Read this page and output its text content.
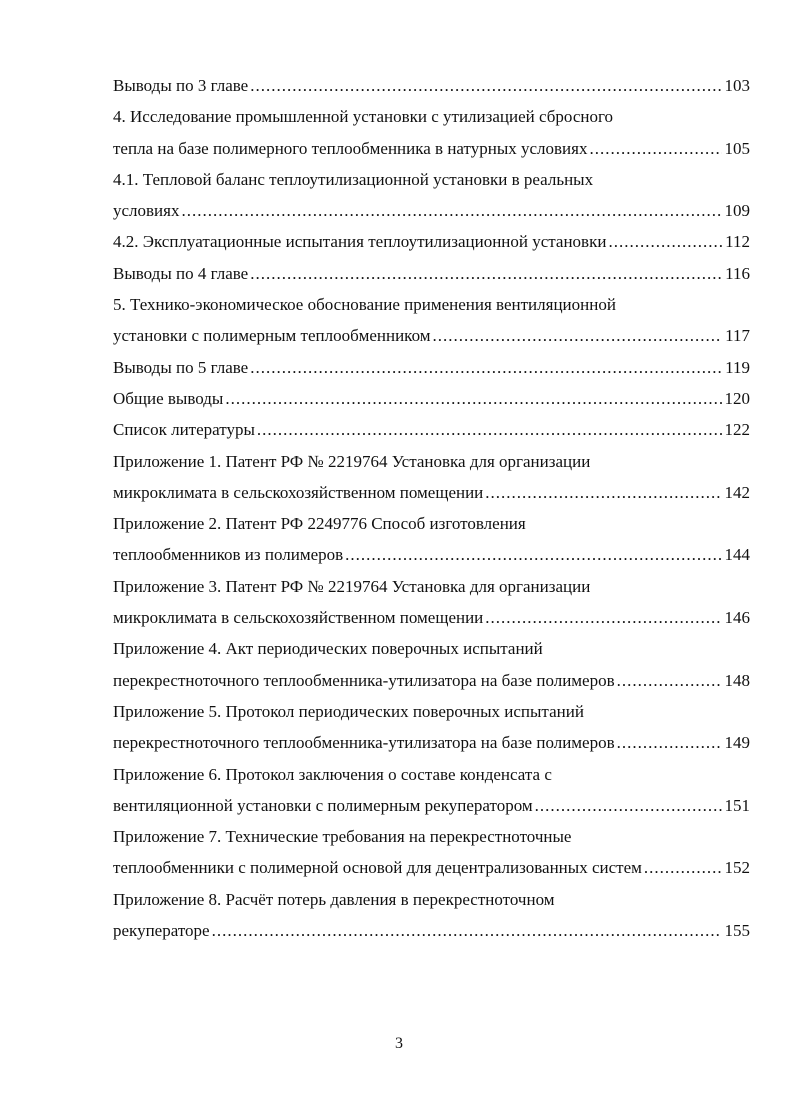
Выводы по 3 главе .....	103
4. Исследование промышленной установки с утилизацией сбросного
тепла на базе полимерного теплообменника в натурных условиях .....	105
4.1. Тепловой баланс теплоутилизационной установки в реальных
условиях .....	109
4.2. Эксплуатационные испытания теплоутилизационной установки .....	112
Выводы по 4 главе .....	116
5. Технико-экономическое обоснование применения вентиляционной
установки с полимерным теплообменником .....	117
Выводы по 5 главе .....	119
Общие выводы .....	120
Список литературы .....	122
Приложение 1. Патент РФ № 2219764 Установка для организации
микроклимата в сельскохозяйственном помещении .....	142
Приложение 2. Патент РФ 2249776 Способ изготовления
теплообменников из полимеров .....	144
Приложение 3. Патент РФ № 2219764 Установка для организации
микроклимата в сельскохозяйственном помещении .....	146
Приложение 4. Акт периодических поверочных испытаний
перекрестноточного теплообменника-утилизатора на базе полимеров .....	148
Приложение 5. Протокол периодических поверочных испытаний
перекрестноточного теплообменника-утилизатора на базе полимеров .....	149
Приложение 6. Протокол заключения о составе конденсата с
вентиляционной установки с полимерным рекуператором .....	151
Приложение 7. Технические требования на перекрестноточные
теплообменники с полимерной основой для децентрализованных систем .....	152
Приложение 8. Расчёт потерь давления в перекрестноточном
рекуператоре .....	155
3
